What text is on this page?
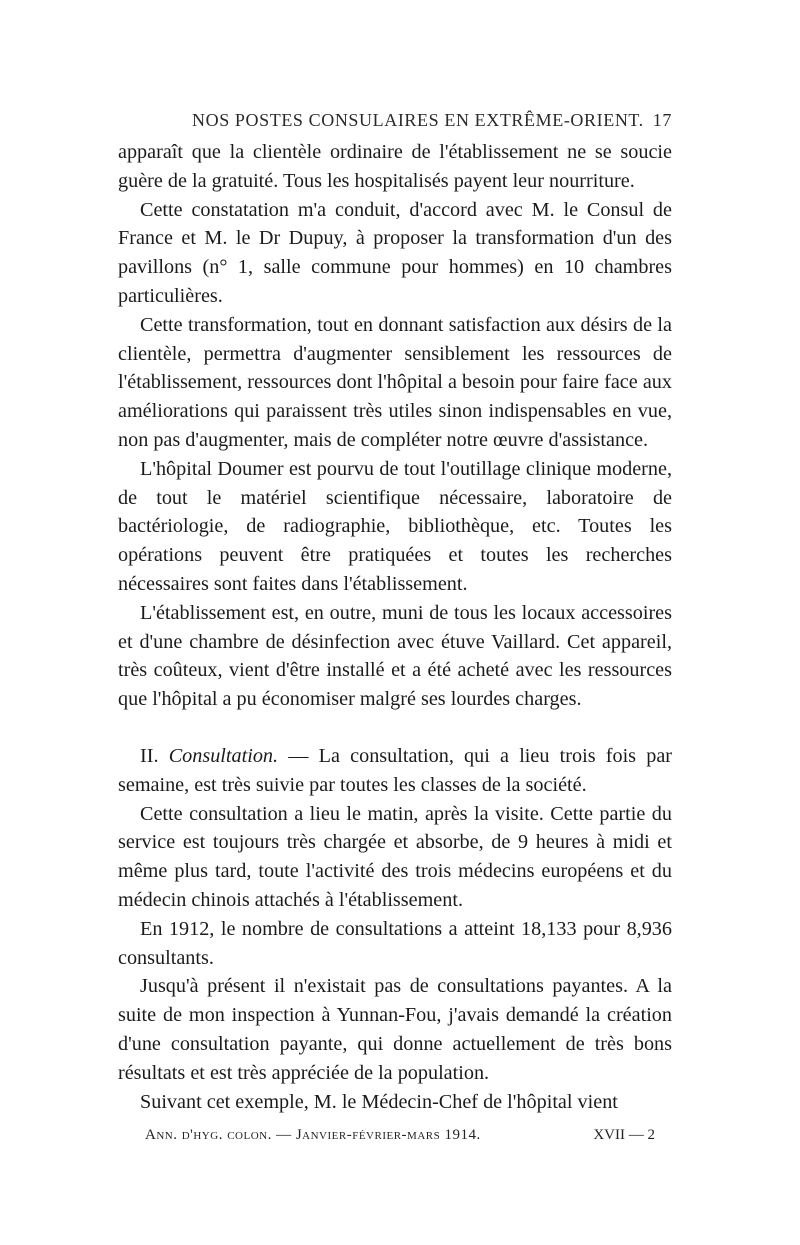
NOS POSTES CONSULAIRES EN EXTRÊME-ORIENT. 17

apparaît que la clientèle ordinaire de l'établissement ne se soucie guère de la gratuité. Tous les hospitalisés payent leur nourriture.

Cette constatation m'a conduit, d'accord avec M. le Consul de France et M. le Dr Dupuy, à proposer la transformation d'un des pavillons (n° 1, salle commune pour hommes) en 10 chambres particulières.

Cette transformation, tout en donnant satisfaction aux désirs de la clientèle, permettra d'augmenter sensiblement les ressources de l'établissement, ressources dont l'hôpital a besoin pour faire face aux améliorations qui paraissent très utiles sinon indispensables en vue, non pas d'augmenter, mais de compléter notre œuvre d'assistance.

L'hôpital Doumer est pourvu de tout l'outillage clinique moderne, de tout le matériel scientifique nécessaire, laboratoire de bactériologie, de radiographie, bibliothèque, etc. Toutes les opérations peuvent être pratiquées et toutes les recherches nécessaires sont faites dans l'établissement.

L'établissement est, en outre, muni de tous les locaux accessoires et d'une chambre de désinfection avec étuve Vaillard. Cet appareil, très coûteux, vient d'être installé et a été acheté avec les ressources que l'hôpital a pu économiser malgré ses lourdes charges.

II. Consultation. — La consultation, qui a lieu trois fois par semaine, est très suivie par toutes les classes de la société.

Cette consultation a lieu le matin, après la visite. Cette partie du service est toujours très chargée et absorbe, de 9 heures à midi et même plus tard, toute l'activité des trois médecins européens et du médecin chinois attachés à l'établissement.

En 1912, le nombre de consultations a atteint 18,133 pour 8,936 consultants.

Jusqu'à présent il n'existait pas de consultations payantes. A la suite de mon inspection à Yunnan-Fou, j'avais demandé la création d'une consultation payante, qui donne actuellement de très bons résultats et est très appréciée de la population.

Suivant cet exemple, M. le Médecin-Chef de l'hôpital vient

Ann. d'hyg. colon. — Janvier-février-mars 1914.	XVII — 2
